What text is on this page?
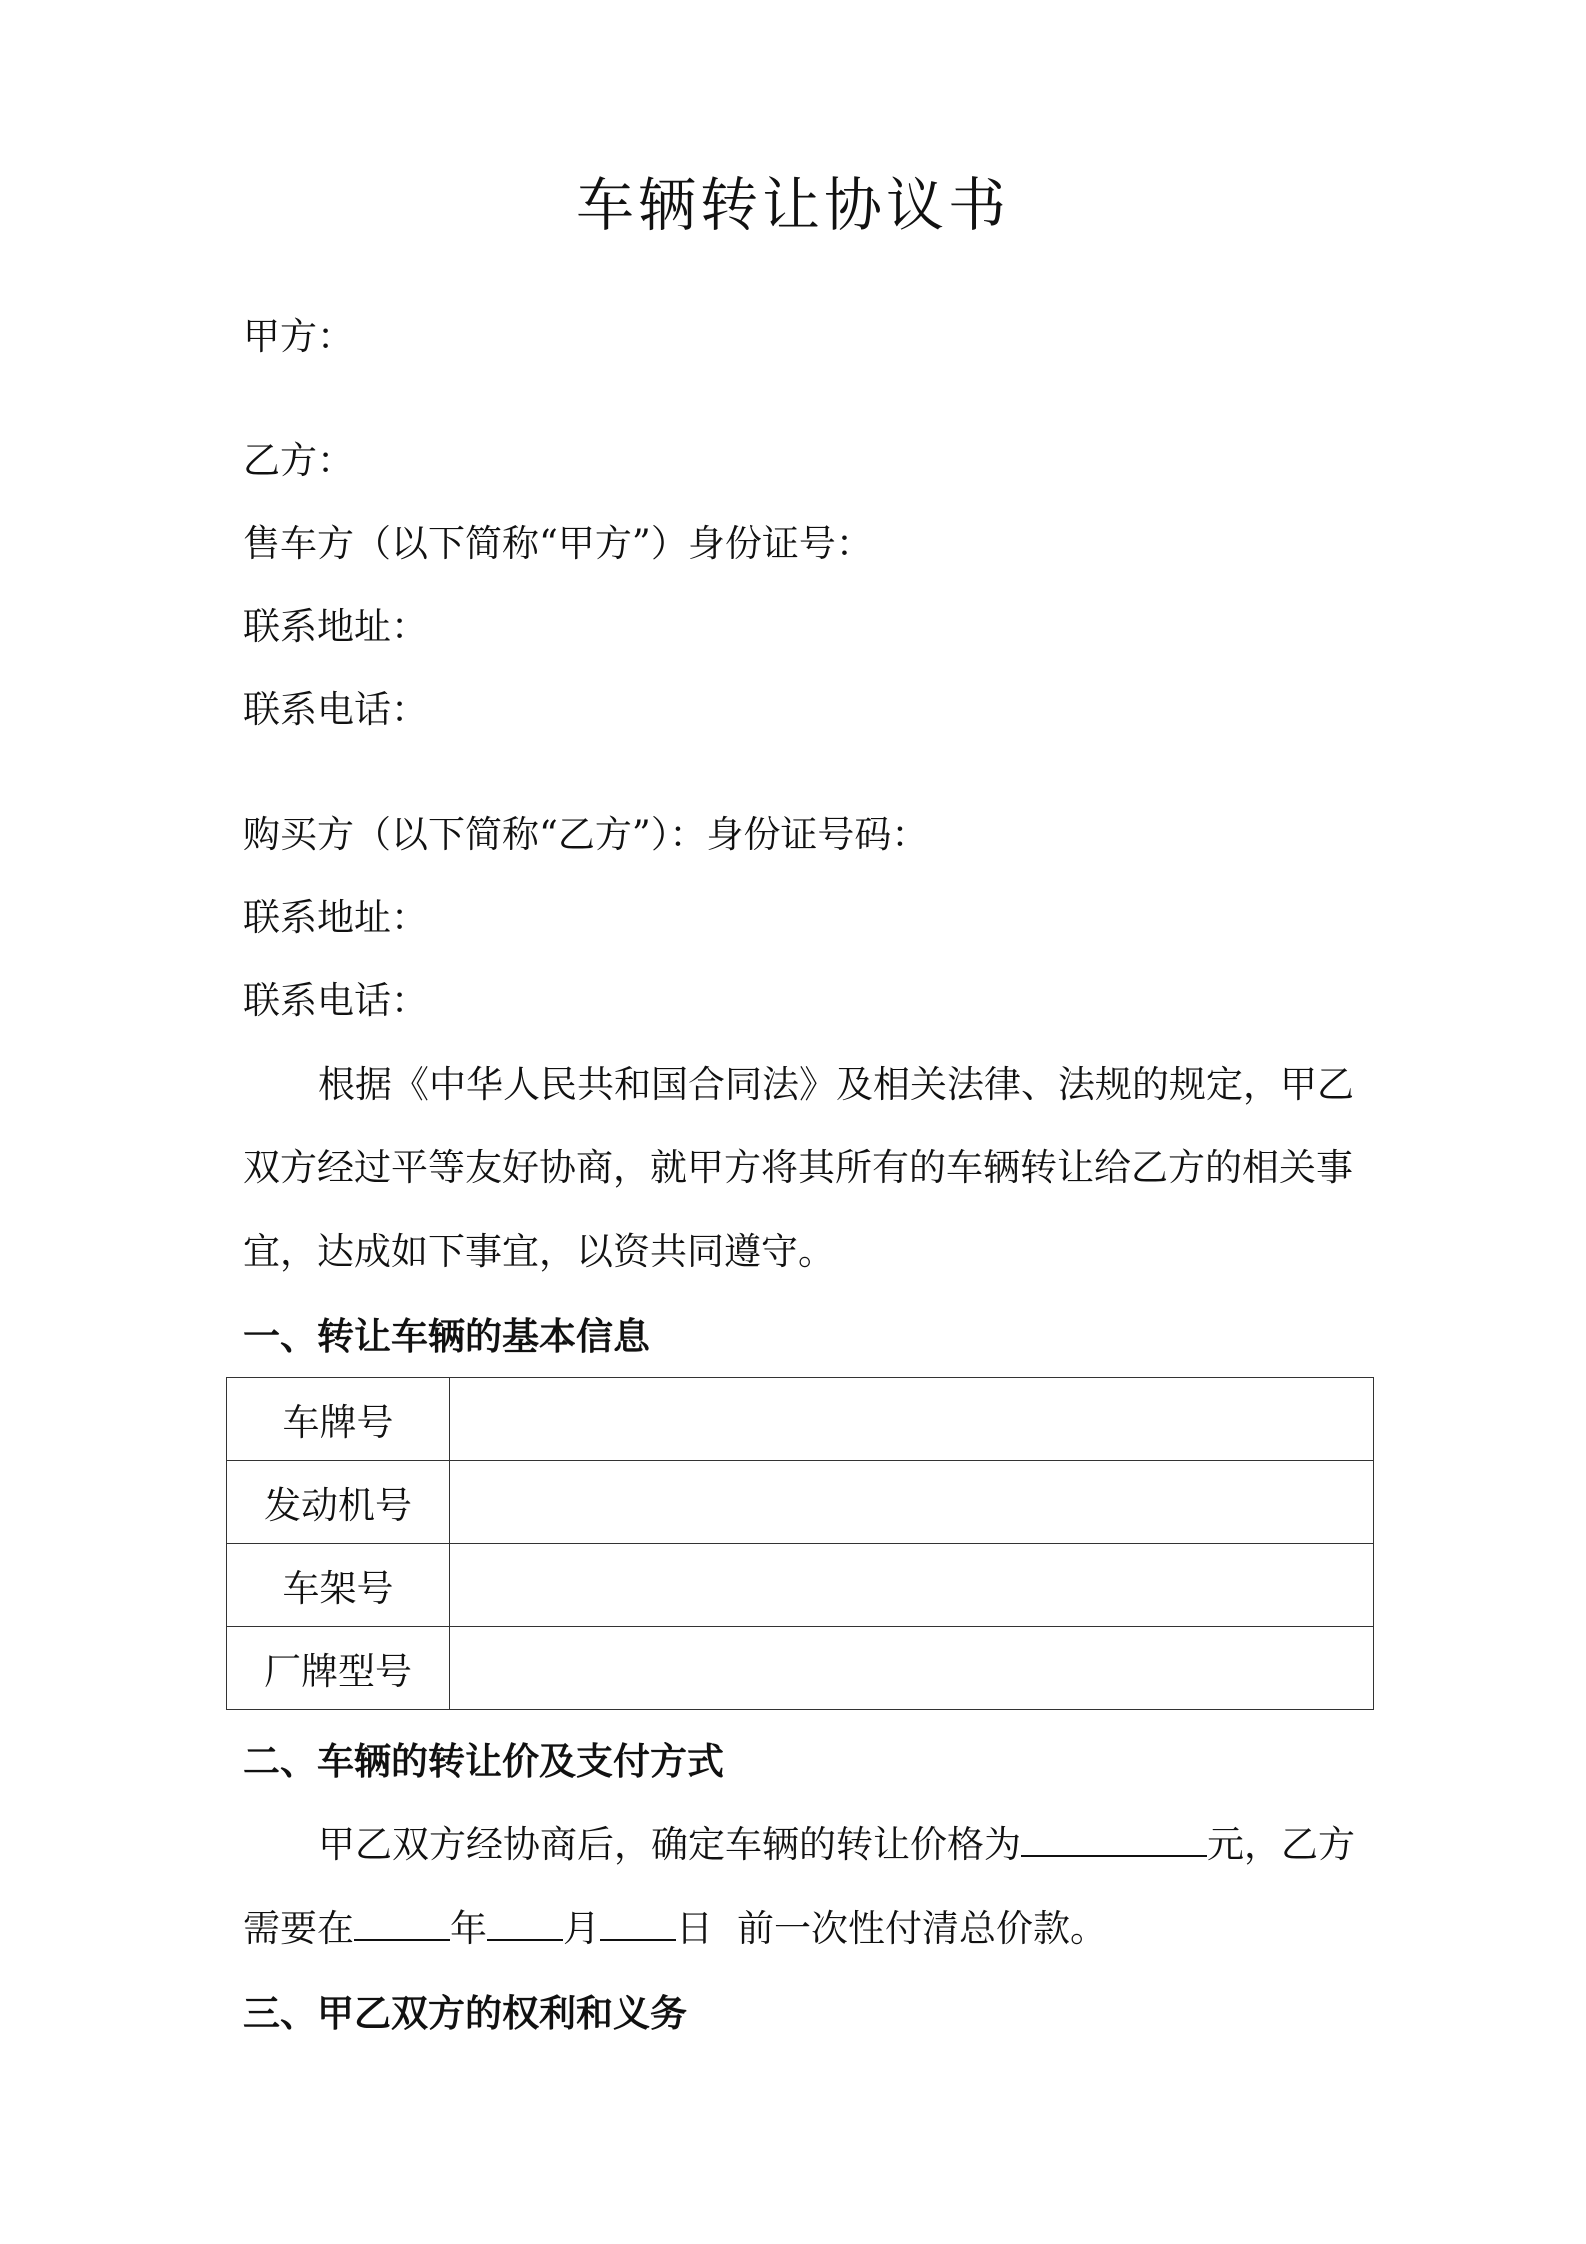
车辆转让协议书
甲方：
乙方：
售车方（以下简称“甲方”）身份证号：
联系地址：
联系电话：
购买方（以下简称“乙方”）：身份证号码：
联系地址：
联系电话：
根据《中华人民共和国合同法》及相关法律、法规的规定，甲乙
双方经过平等友好协商，就甲方将其所有的车辆转让给乙方的相关事
宜，达成如下事宜，以资共同遵守。
一、转让车辆的基本信息
车牌号	
发动机号	
车架号	
厂牌型号	
二、车辆的转让价及支付方式
甲乙双方经协商后，确定车辆的转让价格为	元，乙方
需要在	年 月 日 前一次性付清总价款。
三、甲乙双方的权利和义务
